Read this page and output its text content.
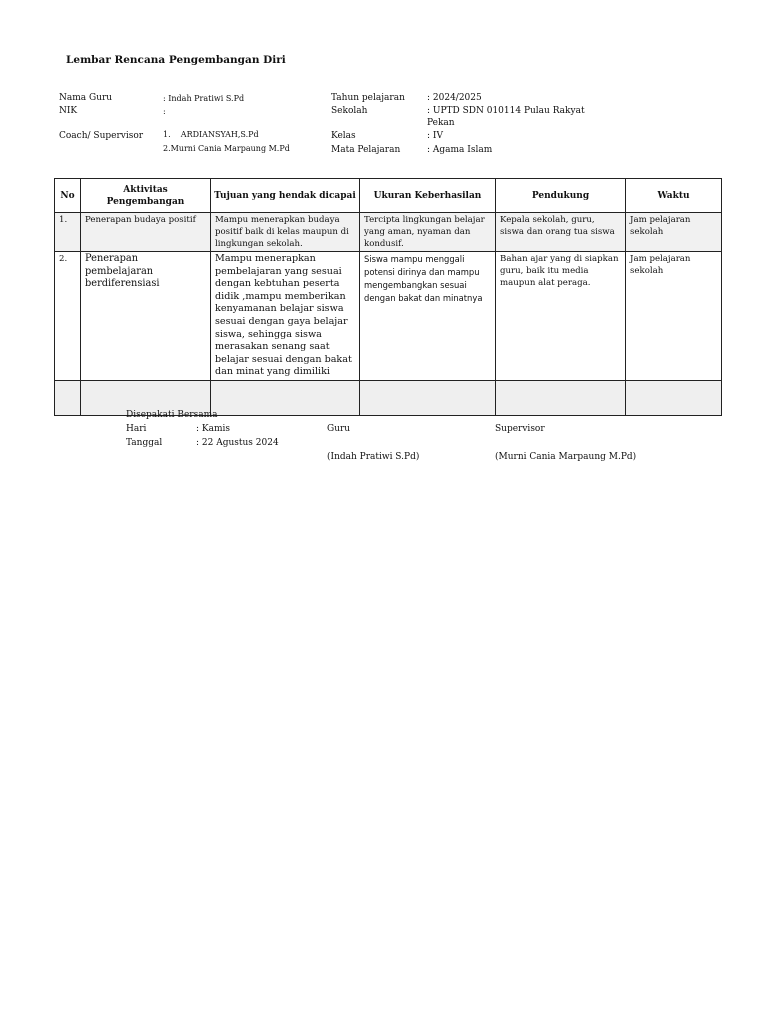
Lembar Rencana Pengembangan Diri
Nama Guru	: Indah Pratiwi S.Pd
NIK	:
Coach/ Supervisor 1.    ARDIANSYAH,S.Pd
2.Murni Cania Marpaung M.Pd
Tahun pelajaran : 2024/2025
Sekolah	: UPTD SDN 010114 Pulau Rakyat
Pekan
Kelas	: IV
Mata Pelajaran	: Agama Islam
No	Aktivitas Pengembangan	Tujuan yang hendak dicapai	Ukuran Keberhasilan	Pendukung	Waktu
1.	Penerapan budaya positif	Mampu menerapkan budaya positif baik di kelas maupun di lingkungan sekolah.	Tercipta lingkungan belajar yang aman, nyaman dan kondusif.	Kepala sekolah, guru, siswa dan orang tua siswa	Jam pelajaran sekolah
2.	Penerapan pembelajaran berdiferensiasi	Mampu menerapkan pembelajaran yang sesuai dengan kebtuhan peserta didik ,mampu memberikan kenyamanan belajar siswa sesuai dengan gaya belajar siswa, sehingga siswa merasakan senang saat belajar sesuai dengan bakat dan minat yang dimiliki	Siswa mampu menggali potensi dirinya dan mampu mengembangkan sesuai dengan bakat dan minatnya	Bahan ajar yang di siapkan guru, baik itu media maupun alat peraga.	Jam pelajaran sekolah

Disepakati Bersama
Hari	: Kamis
Tanggal	: 22 Agustus 2024
Guru	Supervisor
(Indah Pratiwi S.Pd)	(Murni Cania Marpaung M.Pd)
